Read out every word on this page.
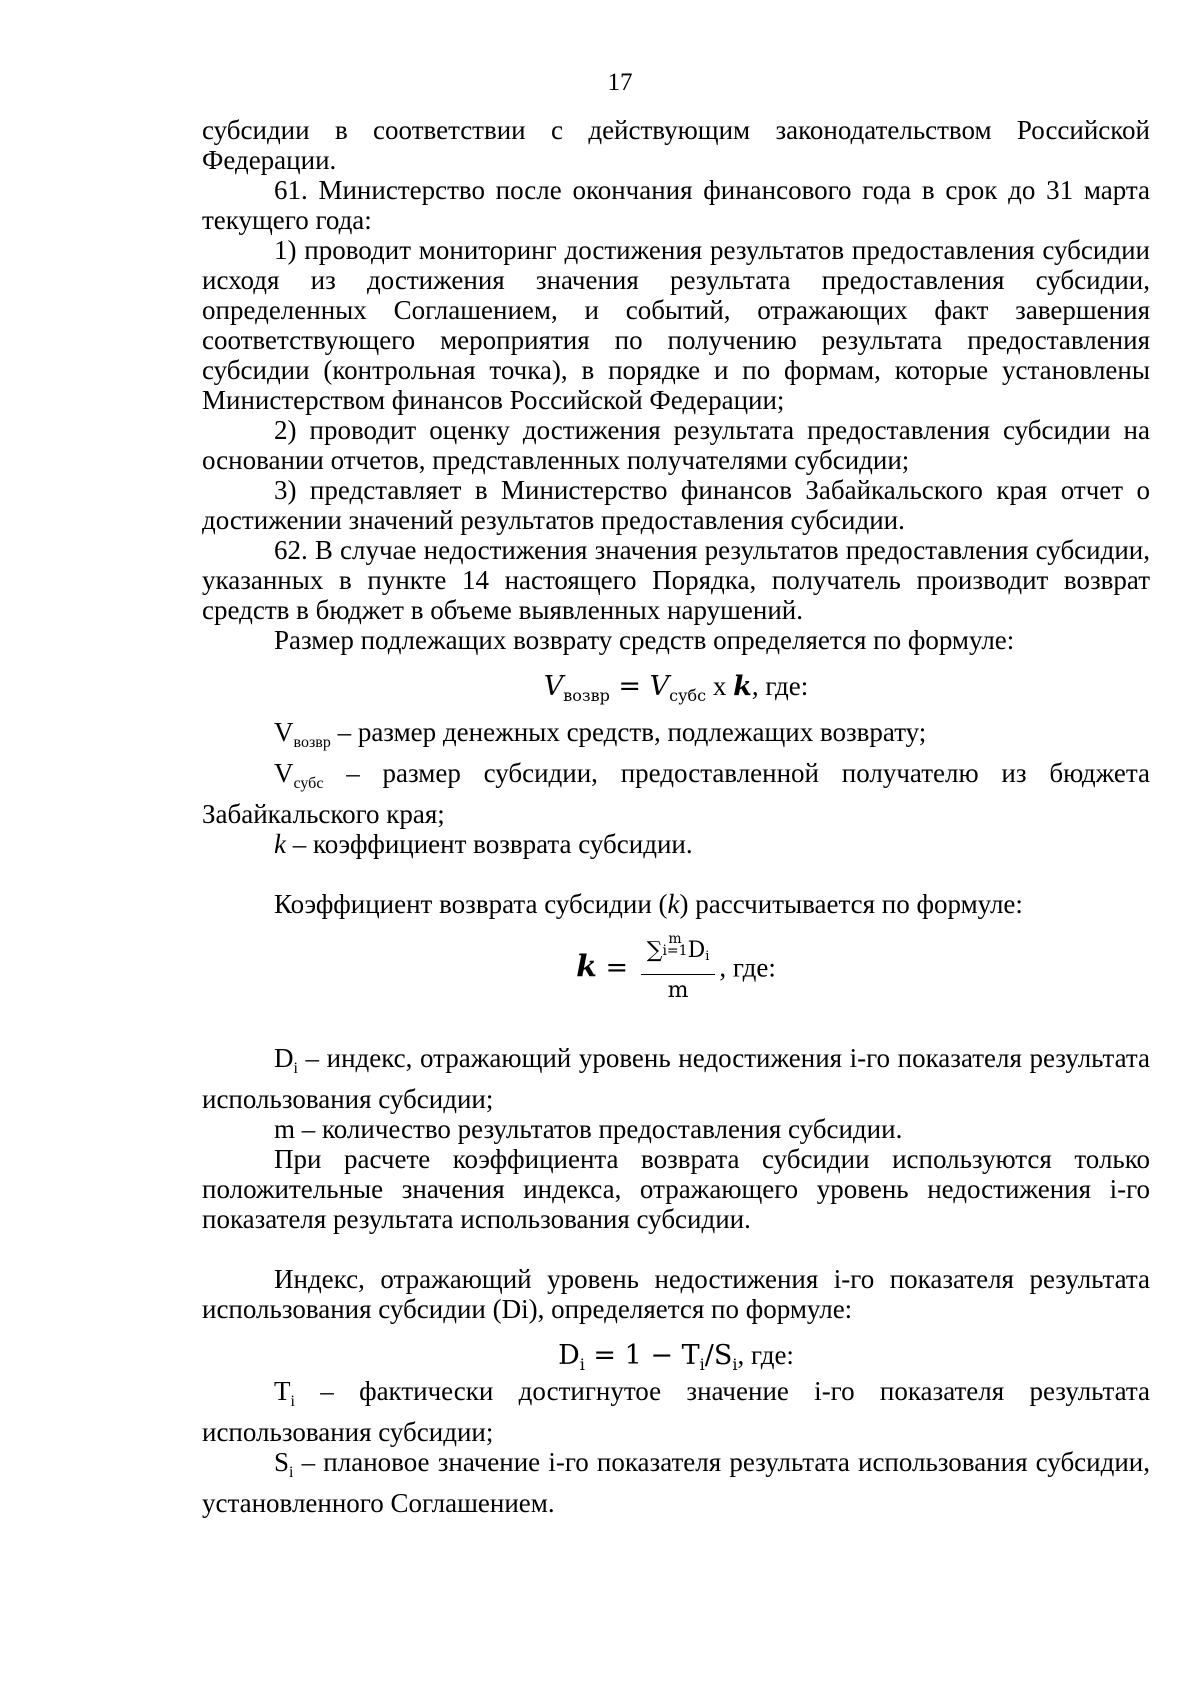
17

субсидии в соответствии с действующим законодательством Российской Федерации.

61. Министерство после окончания финансового года в срок до 31 марта текущего года:

1) проводит мониторинг достижения результатов предоставления субсидии исходя из достижения значения результата предоставления субсидии, определенных Соглашением, и событий, отражающих факт завершения соответствующего мероприятия по получению результата предоставления субсидии (контрольная точка), в порядке и по формам, которые установлены Министерством финансов Российской Федерации;

2) проводит оценку достижения результата предоставления субсидии на основании отчетов, представленных получателями субсидии;

3) представляет в Министерство финансов Забайкальского края отчет о достижении значений результатов предоставления субсидии.

62. В случае недостижения значения результатов предоставления субсидии, указанных в пункте 14 настоящего Порядка, получатель производит возврат средств в бюджет в объеме выявленных нарушений.

Размер подлежащих возврату средств определяется по формуле:

$V_{возвр} = V_{субс}$ x k, где:

$V_{возвр}$ – размер денежных средств, подлежащих возврату;

$V_{субс}$ – размер субсидии, предоставленной получателю из бюджета Забайкальского края;

k – коэффициент возврата субсидии.

Коэффициент возврата субсидии (k) рассчитывается по формуле:

k = ∑ m
i=1 $D_i$
m , где:

$D_i$ – индекс, отражающий уровень недостижения i-го показателя результата использования субсидии;

m – количество результатов предоставления субсидии.

При расчете коэффициента возврата субсидии используются только положительные значения индекса, отражающего уровень недостижения i-го показателя результата использования субсидии.

Индекс, отражающий уровень недостижения i-го показателя результата использования субсидии (Di), определяется по формуле:

$D_i = 1 - T_i/S_i$, где:

$T_i$ – фактически достигнутое значение i-го показателя результата использования субсидии;

$S_i$ – плановое значение i-го показателя результата использования субсидии, установленного Соглашением.
